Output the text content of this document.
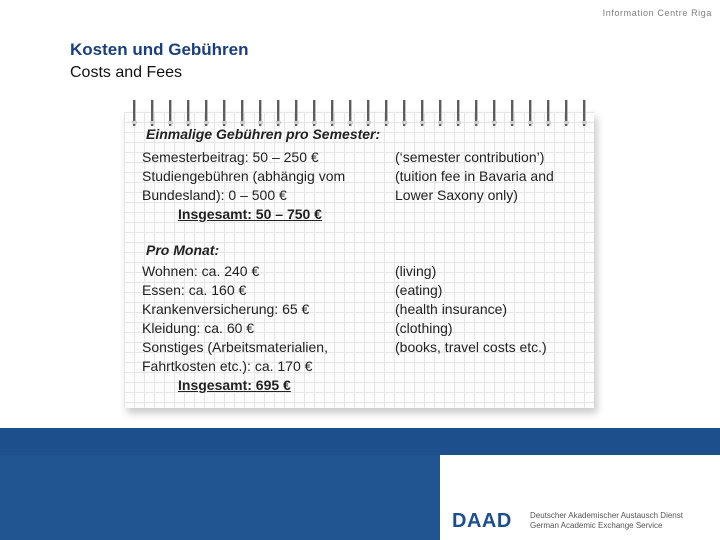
Information Centre Riga
Kosten und Gebühren
Costs and Fees
Einmalige Gebühren pro Semester:
Semesterbeitrag: 50 – 250 €
Studiengebühren (abhängig vom
Bundesland): 0 – 500 €
Insgesamt: 50 – 750 €
(‘semester contribution’)
(tuition fee in Bavaria and
Lower Saxony only)
Pro Monat:
Wohnen: ca. 240 €
Essen: ca. 160 €
Krankenversicherung: 65 €
Kleidung: ca. 60 €
Sonstiges (Arbeitsmaterialien,
Fahrtkosten etc.): ca. 170 €
Insgesamt: 695 €
(living)
(eating)
(health insurance)
(clothing)
(books, travel costs etc.)
DAAD Deutscher Akademischer Austausch Dienst
German Academic Exchange Service
